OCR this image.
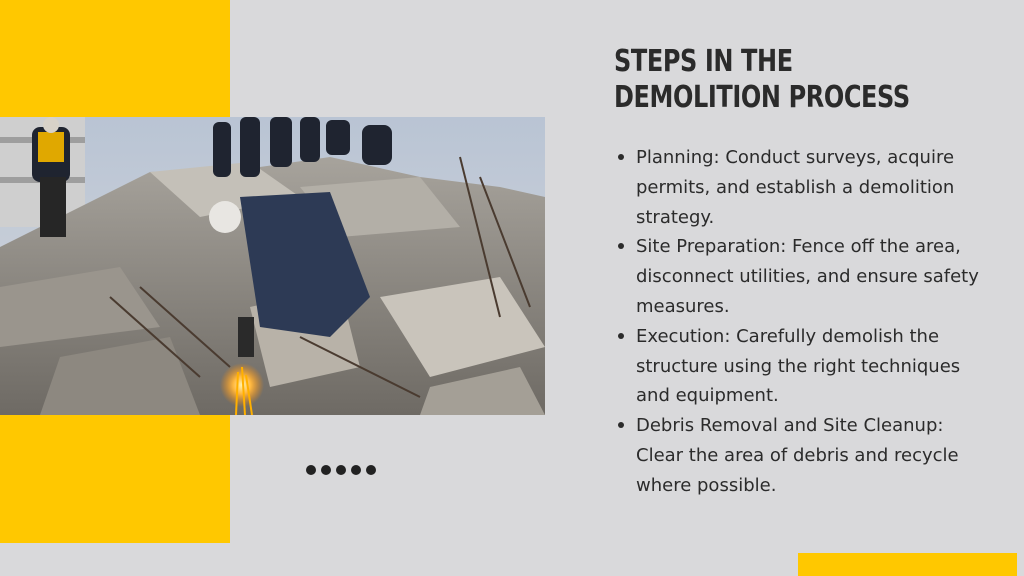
STEPS IN THE DEMOLITION PROCESS
Planning: Conduct surveys, acquire permits, and establish a demolition strategy.
Site Preparation: Fence off the area, disconnect utilities, and ensure safety measures.
Execution: Carefully demolish the structure using the right techniques and equipment.
Debris Removal and Site Cleanup: Clear the area of debris and recycle where possible.
